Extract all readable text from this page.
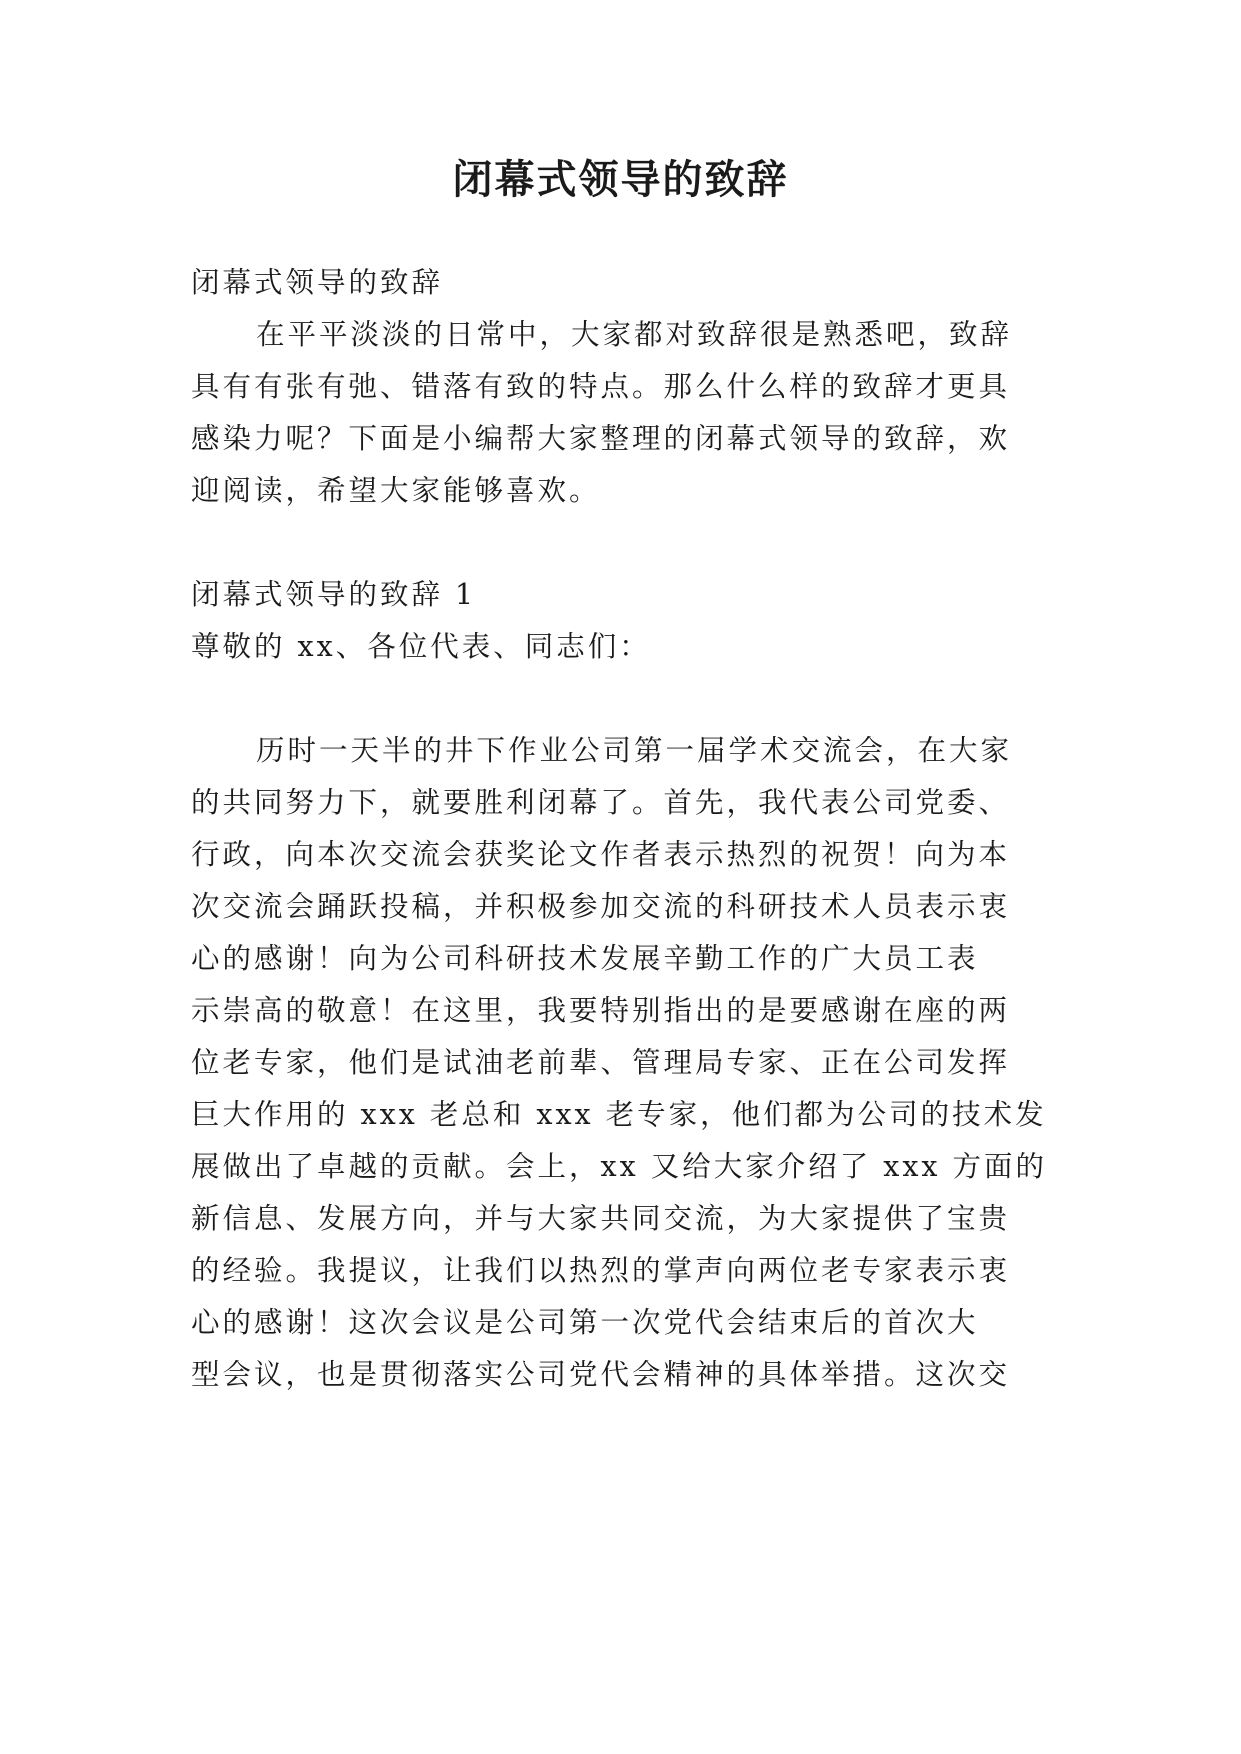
闭幕式领导的致辞
闭幕式领导的致辞
在平平淡淡的日常中，大家都对致辞很是熟悉吧，致辞
具有有张有弛、错落有致的特点。那么什么样的致辞才更具
感染力呢？下面是小编帮大家整理的闭幕式领导的致辞，欢
迎阅读，希望大家能够喜欢。
闭幕式领导的致辞 1
尊敬的 xx、各位代表、同志们：
历时一天半的井下作业公司第一届学术交流会，在大家
的共同努力下，就要胜利闭幕了。首先，我代表公司党委、
行政，向本次交流会获奖论文作者表示热烈的祝贺！向为本
次交流会踊跃投稿，并积极参加交流的科研技术人员表示衷
心的感谢！向为公司科研技术发展辛勤工作的广大员工表
示崇高的敬意！在这里，我要特别指出的是要感谢在座的两
位老专家，他们是试油老前辈、管理局专家、正在公司发挥
巨大作用的 xxx 老总和 xxx 老专家，他们都为公司的技术发
展做出了卓越的贡献。会上，xx 又给大家介绍了 xxx 方面的
新信息、发展方向，并与大家共同交流，为大家提供了宝贵
的经验。我提议，让我们以热烈的掌声向两位老专家表示衷
心的感谢！这次会议是公司第一次党代会结束后的首次大
型会议，也是贯彻落实公司党代会精神的具体举措。这次交
